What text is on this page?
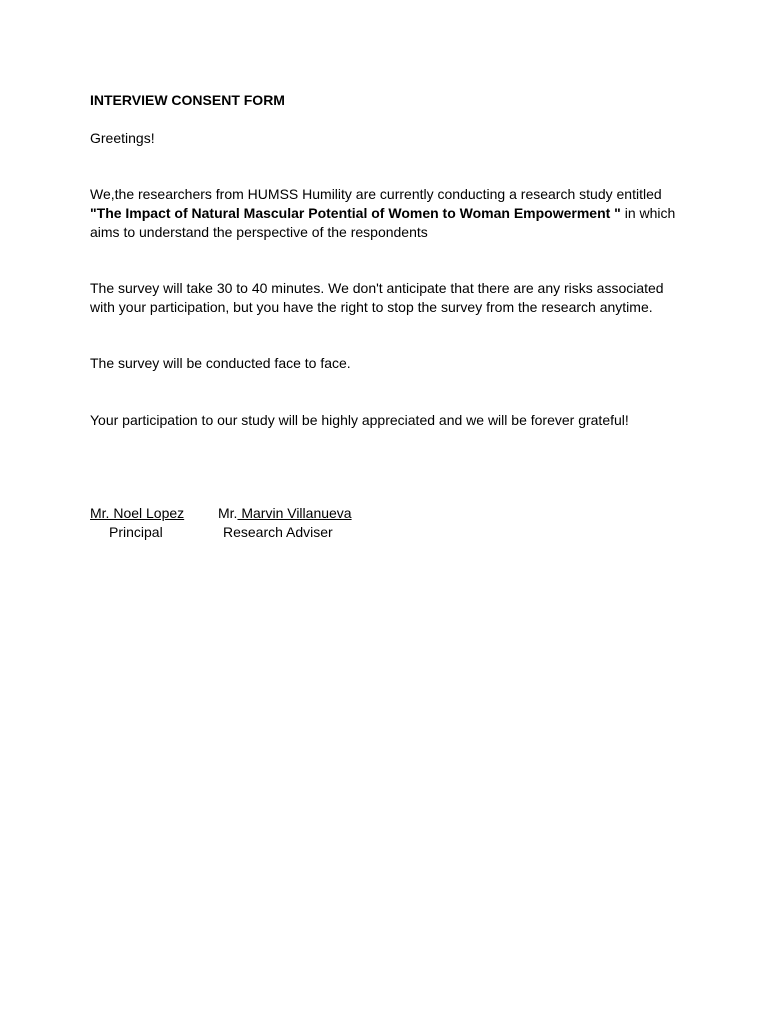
INTERVIEW CONSENT FORM
Greetings!
We,the researchers from HUMSS Humility are currently conducting a research study entitled
"The Impact of Natural Mascular Potential of Women to Woman Empowerment " in which
aims to understand the perspective of the respondents
The survey will take 30 to 40 minutes. We don't anticipate that there are any risks associated
with your participation, but you have the right to stop the survey from the research anytime.
The survey will be conducted face to face.
Your participation to our study will be highly appreciated and we will be forever grateful!
Mr. Noel Lopez
Principal
Mr. Marvin Villanueva
Research Adviser
